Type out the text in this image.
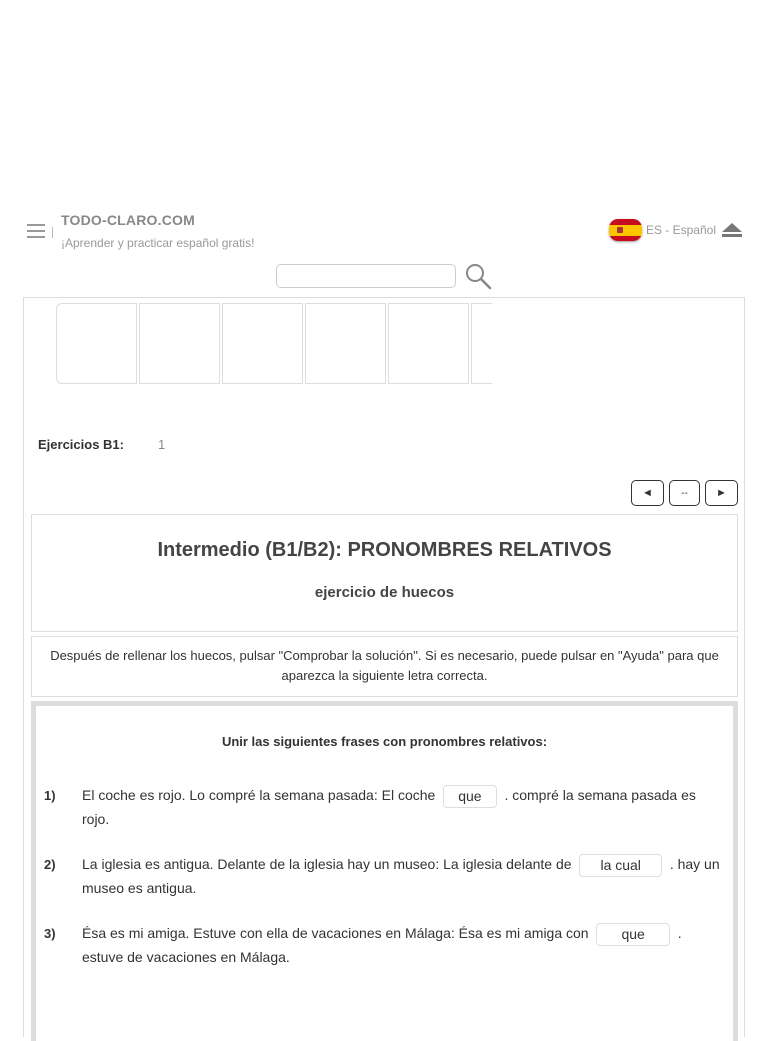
TODO-CLARO.COM
¡Aprender y practicar español gratis!
ES - Español
Ejercicios B1:	1
◄	--	►
Intermedio (B1/B2): PRONOMBRES RELATIVOS
ejercicio de huecos
Después de rellenar los huecos, pulsar "Comprobar la solución". Si es necesario, puede pulsar en "Ayuda" para que aparezca la siguiente letra correcta.
Unir las siguientes frases con pronombres relativos:
1) El coche es rojo. Lo compré la semana pasada: El coche que . compré la semana pasada es rojo.
2) La iglesia es antigua. Delante de la iglesia hay un museo: La iglesia delante de la cual . hay un museo es antigua.
3) Ésa es mi amiga. Estuve con ella de vacaciones en Málaga: Ésa es mi amiga con que . estuve de vacaciones en Málaga.
